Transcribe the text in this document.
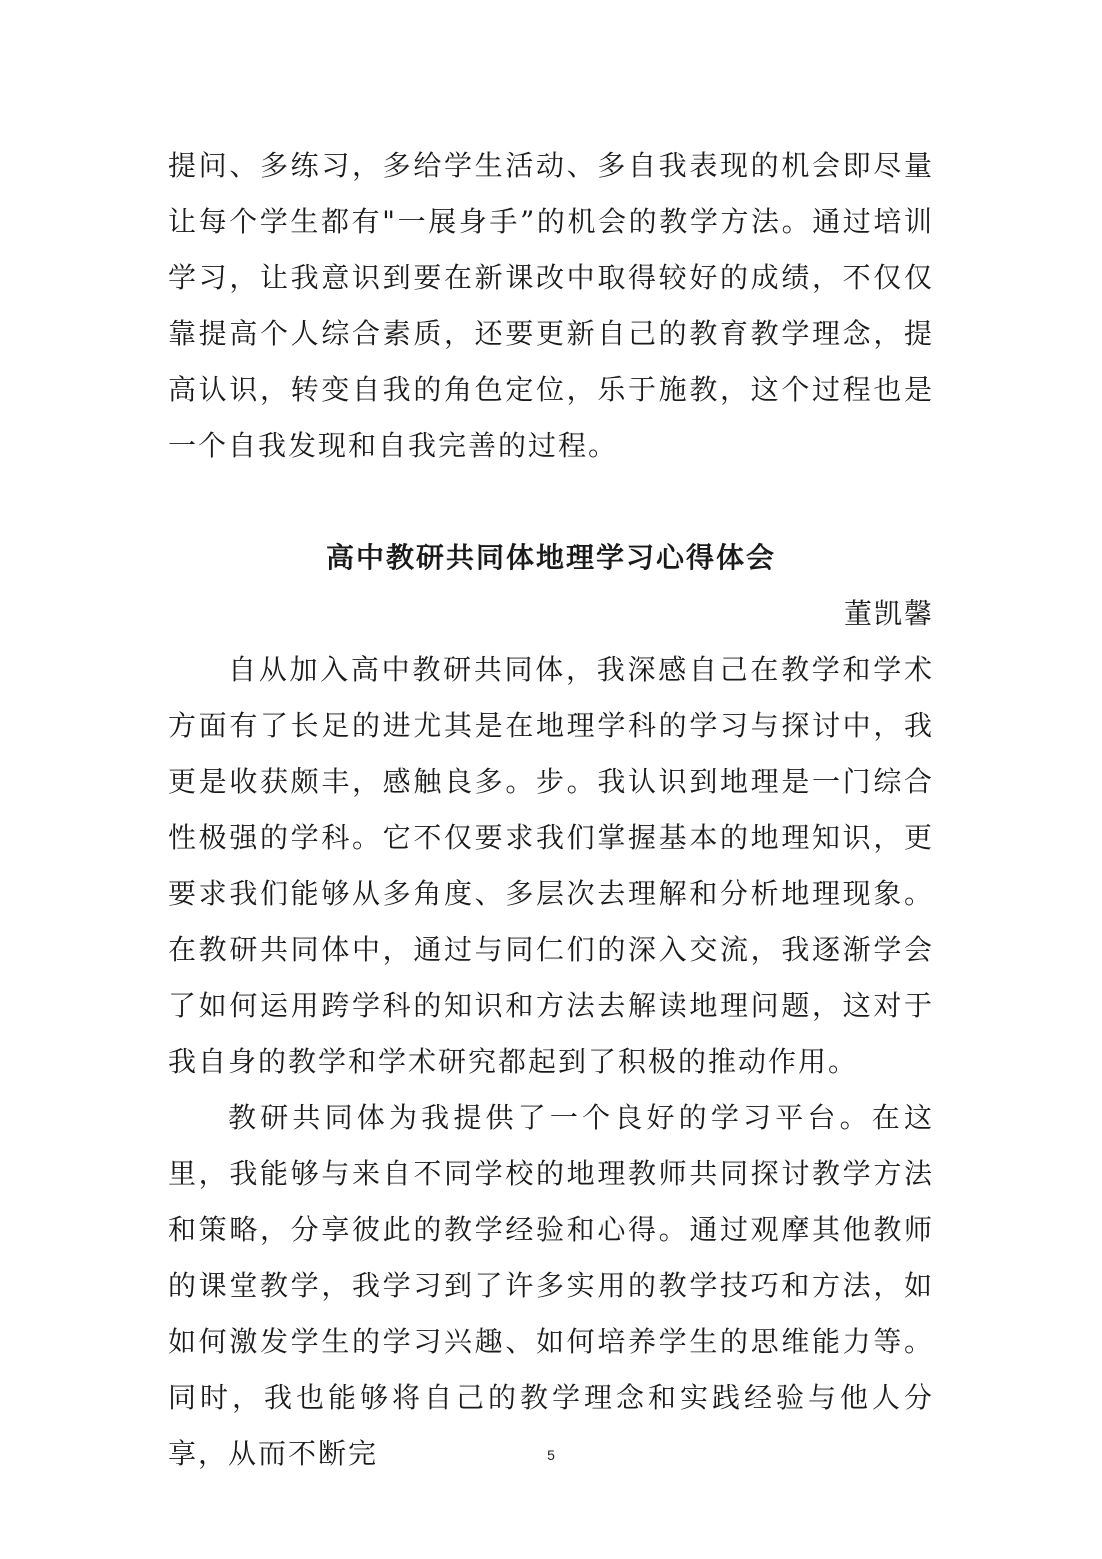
提问、多练习，多给学生活动、多自我表现的机会即尽量让每个学生都有"一展身手”的机会的教学方法。通过培训学习，让我意识到要在新课改中取得较好的成绩，不仅仅靠提高个人综合素质，还要更新自己的教育教学理念，提高认识，转变自我的角色定位，乐于施教，这个过程也是一个自我发现和自我完善的过程。

高中教研共同体地理学习心得体会

董凯馨

自从加入高中教研共同体，我深感自己在教学和学术方面有了长足的进尤其是在地理学科的学习与探讨中，我更是收获颇丰，感触良多。步。我认识到地理是一门综合性极强的学科。它不仅要求我们掌握基本的地理知识，更要求我们能够从多角度、多层次去理解和分析地理现象。在教研共同体中，通过与同仁们的深入交流，我逐渐学会了如何运用跨学科的知识和方法去解读地理问题，这对于我自身的教学和学术研究都起到了积极的推动作用。

教研共同体为我提供了一个良好的学习平台。在这里，我能够与来自不同学校的地理教师共同探讨教学方法和策略，分享彼此的教学经验和心得。通过观摩其他教师的课堂教学，我学习到了许多实用的教学技巧和方法，如如何激发学生的学习兴趣、如何培养学生的思维能力等。同时，我也能够将自己的教学理念和实践经验与他人分享，从而不断完	5
